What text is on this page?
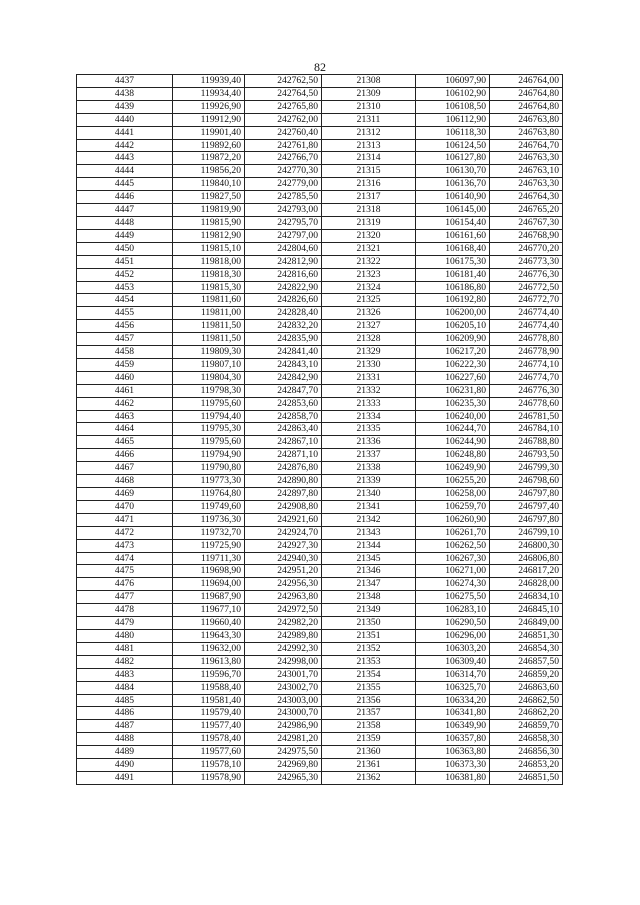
82
4437	119939,40	242762,50	21308	106097,90	246764,00
4438	119934,40	242764,50	21309	106102,90	246764,80
4439	119926,90	242765,80	21310	106108,50	246764,80
4440	119912,90	242762,00	21311	106112,90	246763,80
4441	119901,40	242760,40	21312	106118,30	246763,80
4442	119892,60	242761,80	21313	106124,50	246764,70
4443	119872,20	242766,70	21314	106127,80	246763,30
4444	119856,20	242770,30	21315	106130,70	246763,10
4445	119840,10	242779,00	21316	106136,70	246763,30
4446	119827,50	242785,50	21317	106140,90	246764,30
4447	119819,90	242793,00	21318	106145,00	246765,20
4448	119815,90	242795,70	21319	106154,40	246767,30
4449	119812,90	242797,00	21320	106161,60	246768,90
4450	119815,10	242804,60	21321	106168,40	246770,20
4451	119818,00	242812,90	21322	106175,30	246773,30
4452	119818,30	242816,60	21323	106181,40	246776,30
4453	119815,30	242822,90	21324	106186,80	246772,50
4454	119811,60	242826,60	21325	106192,80	246772,70
4455	119811,00	242828,40	21326	106200,00	246774,40
4456	119811,50	242832,20	21327	106205,10	246774,40
4457	119811,50	242835,90	21328	106209,90	246778,80
4458	119809,30	242841,40	21329	106217,20	246778,90
4459	119807,10	242843,10	21330	106222,30	246774,10
4460	119804,30	242842,90	21331	106227,60	246774,70
4461	119798,30	242847,70	21332	106231,80	246776,30
4462	119795,60	242853,60	21333	106235,30	246778,60
4463	119794,40	242858,70	21334	106240,00	246781,50
4464	119795,30	242863,40	21335	106244,70	246784,10
4465	119795,60	242867,10	21336	106244,90	246788,80
4466	119794,90	242871,10	21337	106248,80	246793,50
4467	119790,80	242876,80	21338	106249,90	246799,30
4468	119773,30	242890,80	21339	106255,20	246798,60
4469	119764,80	242897,80	21340	106258,00	246797,80
4470	119749,60	242908,80	21341	106259,70	246797,40
4471	119736,30	242921,60	21342	106260,90	246797,80
4472	119732,70	242924,70	21343	106261,70	246799,10
4473	119725,90	242927,30	21344	106262,50	246800,30
4474	119711,30	242940,30	21345	106267,30	246806,80
4475	119698,90	242951,20	21346	106271,00	246817,20
4476	119694,00	242956,30	21347	106274,30	246828,00
4477	119687,90	242963,80	21348	106275,50	246834,10
4478	119677,10	242972,50	21349	106283,10	246845,10
4479	119660,40	242982,20	21350	106290,50	246849,00
4480	119643,30	242989,80	21351	106296,00	246851,30
4481	119632,00	242992,30	21352	106303,20	246854,30
4482	119613,80	242998,00	21353	106309,40	246857,50
4483	119596,70	243001,70	21354	106314,70	246859,20
4484	119588,40	243002,70	21355	106325,70	246863,60
4485	119581,40	243003,00	21356	106334,20	246862,50
4486	119579,40	243000,70	21357	106341,80	246862,20
4487	119577,40	242986,90	21358	106349,90	246859,70
4488	119578,40	242981,20	21359	106357,80	246858,30
4489	119577,60	242975,50	21360	106363,80	246856,30
4490	119578,10	242969,80	21361	106373,30	246853,20
4491	119578,90	242965,30	21362	106381,80	246851,50
